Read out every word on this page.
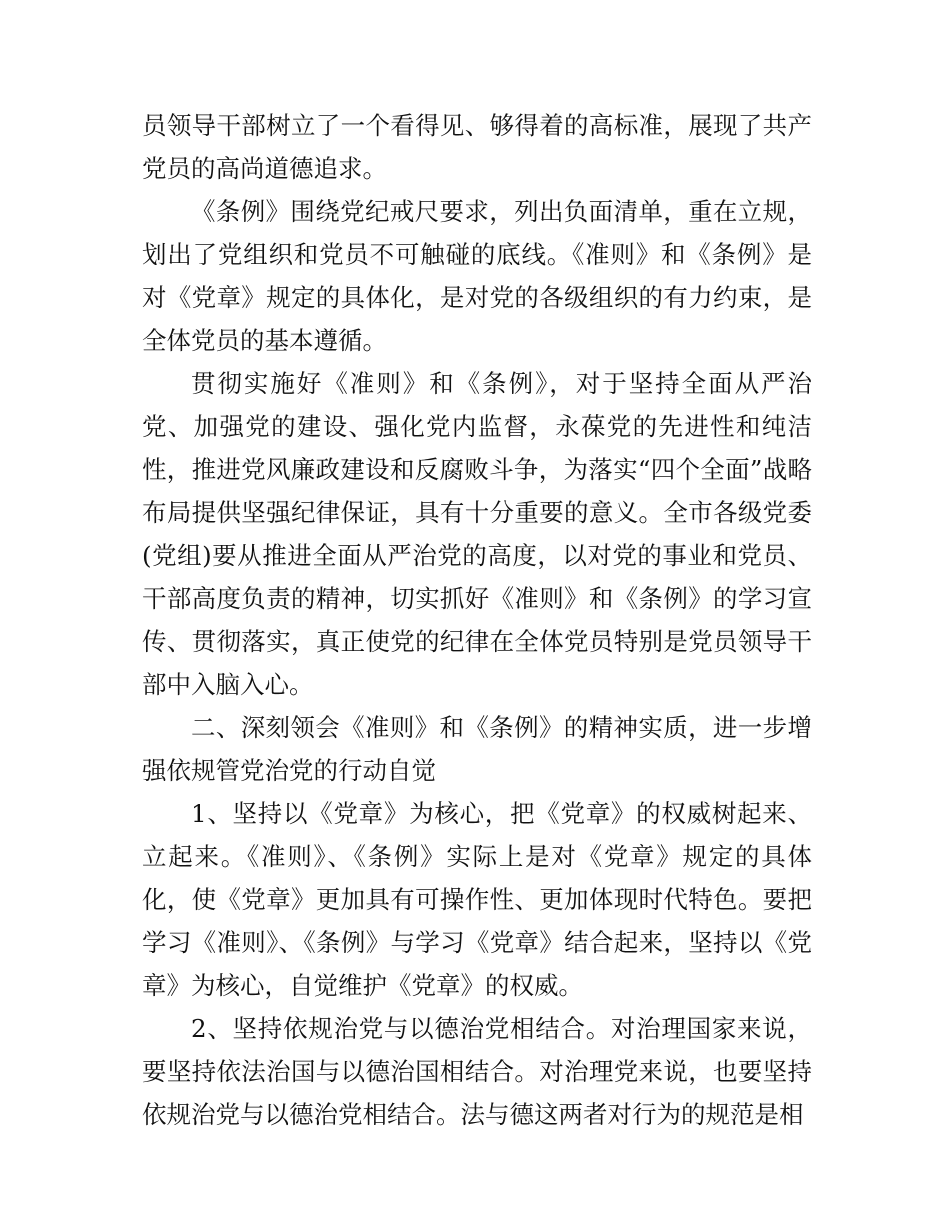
员领导干部树立了一个看得见、够得着的高标准，展现了共产党员的高尚道德追求。

《条例》围绕党纪戒尺要求，列出负面清单，重在立规，划出了党组织和党员不可触碰的底线。《准则》和《条例》是对《党章》规定的具体化，是对党的各级组织的有力约束，是全体党员的基本遵循。

贯彻实施好《准则》和《条例》，对于坚持全面从严治党、加强党的建设、强化党内监督，永葆党的先进性和纯洁性，推进党风廉政建设和反腐败斗争，为落实“四个全面”战略布局提供坚强纪律保证，具有十分重要的意义。全市各级党委(党组)要从推进全面从严治党的高度，以对党的事业和党员、干部高度负责的精神，切实抓好《准则》和《条例》的学习宣传、贯彻落实，真正使党的纪律在全体党员特别是党员领导干部中入脑入心。

二、深刻领会《准则》和《条例》的精神实质，进一步增强依规管党治党的行动自觉

1、坚持以《党章》为核心，把《党章》的权威树起来、立起来。《准则》、《条例》实际上是对《党章》规定的具体化，使《党章》更加具有可操作性、更加体现时代特色。要把学习《准则》、《条例》与学习《党章》结合起来，坚持以《党章》为核心，自觉维护《党章》的权威。

2、坚持依规治党与以德治党相结合。对治理国家来说，要坚持依法治国与以德治国相结合。对治理党来说，也要坚持依规治党与以德治党相结合。法与德这两者对行为的规范是相
